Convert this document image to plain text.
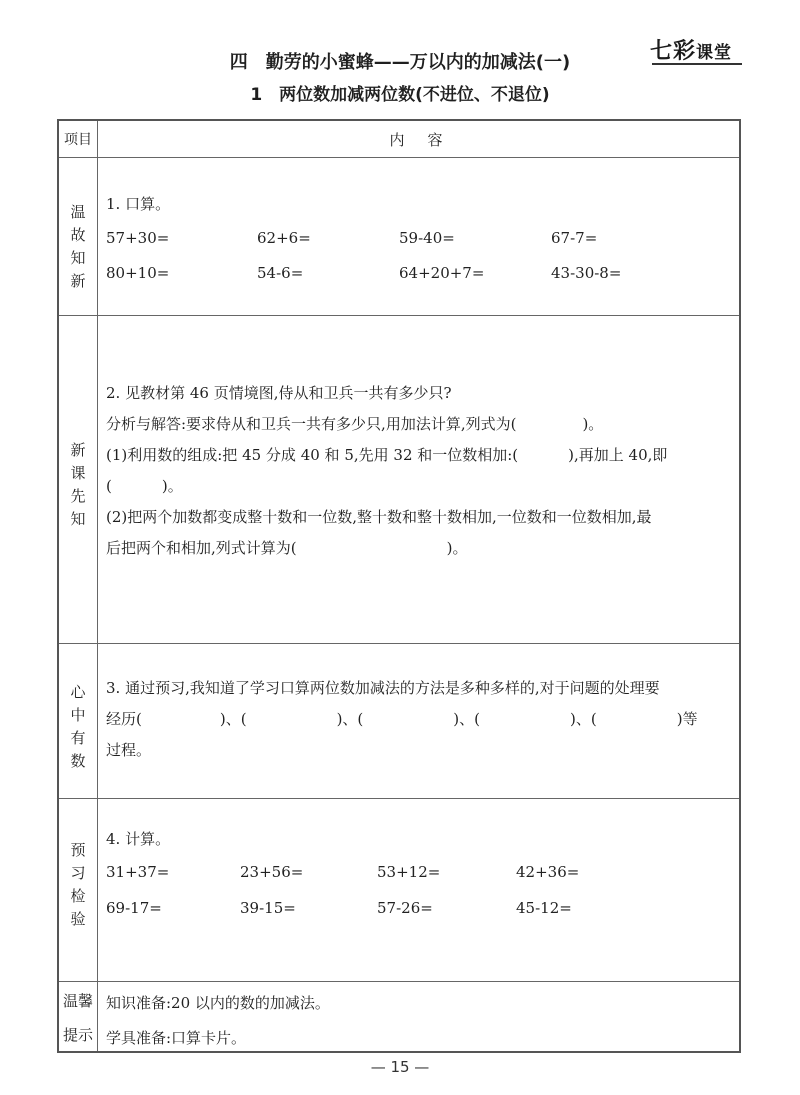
七彩课堂
四　勤劳的小蜜蜂——万以内的加减法(一)
1　两位数加减两位数(不进位、不退位)
项目	内　容
温故知新
1. 口算。
57+30=	62+6=	59-40=	67-7=
80+10=	54-6=	64+20+7=	43-30-8=
新课先知
2. 见教材第 46 页情境图,侍从和卫兵一共有多少只?
分析与解答:要求侍从和卫兵一共有多少只,用加法计算,列式为(	)。
(1)利用数的组成:把 45 分成 40 和 5,先用 32 和一位数相加:(	),再加上 40,即
(	)。
(2)把两个加数都变成整十数和一位数,整十数和整十数相加,一位数和一位数相加,最
后把两个和相加,列式计算为(	)。
心中有数
3. 通过预习,我知道了学习口算两位数加减法的方法是多种多样的,对于问题的处理要
经历(	)、(	)、(	)、(	)、(	)等
过程。
预习检验
4. 计算。
31+37=	23+56=	53+12=	42+36=
69-17=	39-15=	57-26=	45-12=
温馨
提示
知识准备:20 以内的数的加减法。
学具准备:口算卡片。
— 15 —
